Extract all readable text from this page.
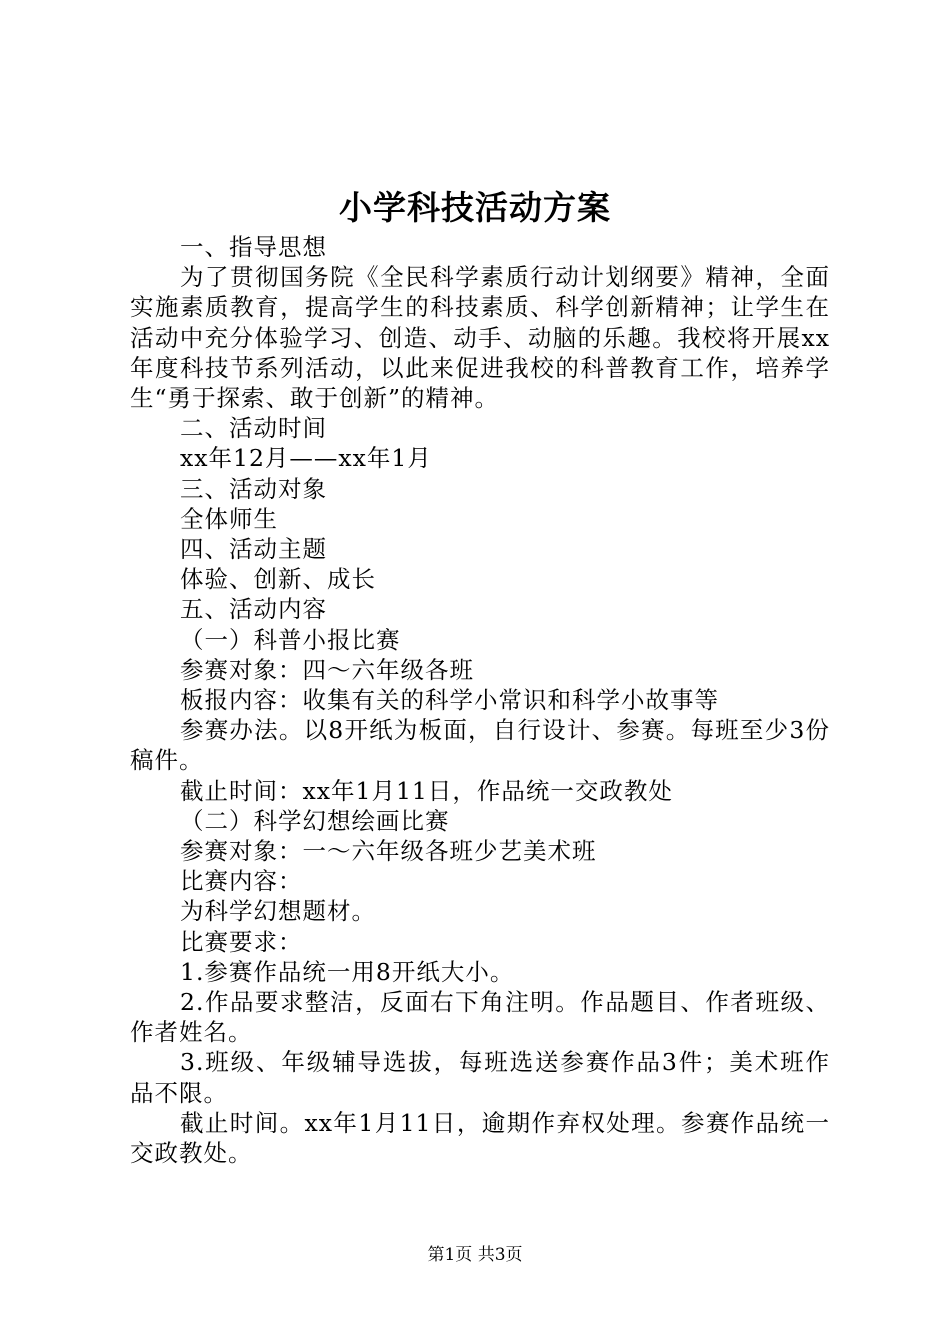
小学科技活动方案
一、指导思想
为了贯彻国务院《全民科学素质行动计划纲要》精神，全面实施素质教育，提高学生的科技素质、科学创新精神；让学生在活动中充分体验学习、创造、动手、动脑的乐趣。我校将开展xx年度科技节系列活动，以此来促进我校的科普教育工作，培养学生“勇于探索、敢于创新”的精神。
二、活动时间
xx年12月——xx年1月
三、活动对象
全体师生
四、活动主题
体验、创新、成长
五、活动内容
（一）科普小报比赛
参赛对象：四～六年级各班
板报内容：收集有关的科学小常识和科学小故事等
参赛办法。以8开纸为板面，自行设计、参赛。每班至少3份稿件。
截止时间：xx年1月11日，作品统一交政教处
（二）科学幻想绘画比赛
参赛对象：一～六年级各班少艺美术班
比赛内容：
为科学幻想题材。
比赛要求：
1.参赛作品统一用8开纸大小。
2.作品要求整洁，反面右下角注明。作品题目、作者班级、作者姓名。
3.班级、年级辅导选拔，每班选送参赛作品3件；美术班作品不限。
截止时间。xx年1月11日，逾期作弃权处理。参赛作品统一交政教处。
第1页 共3页
